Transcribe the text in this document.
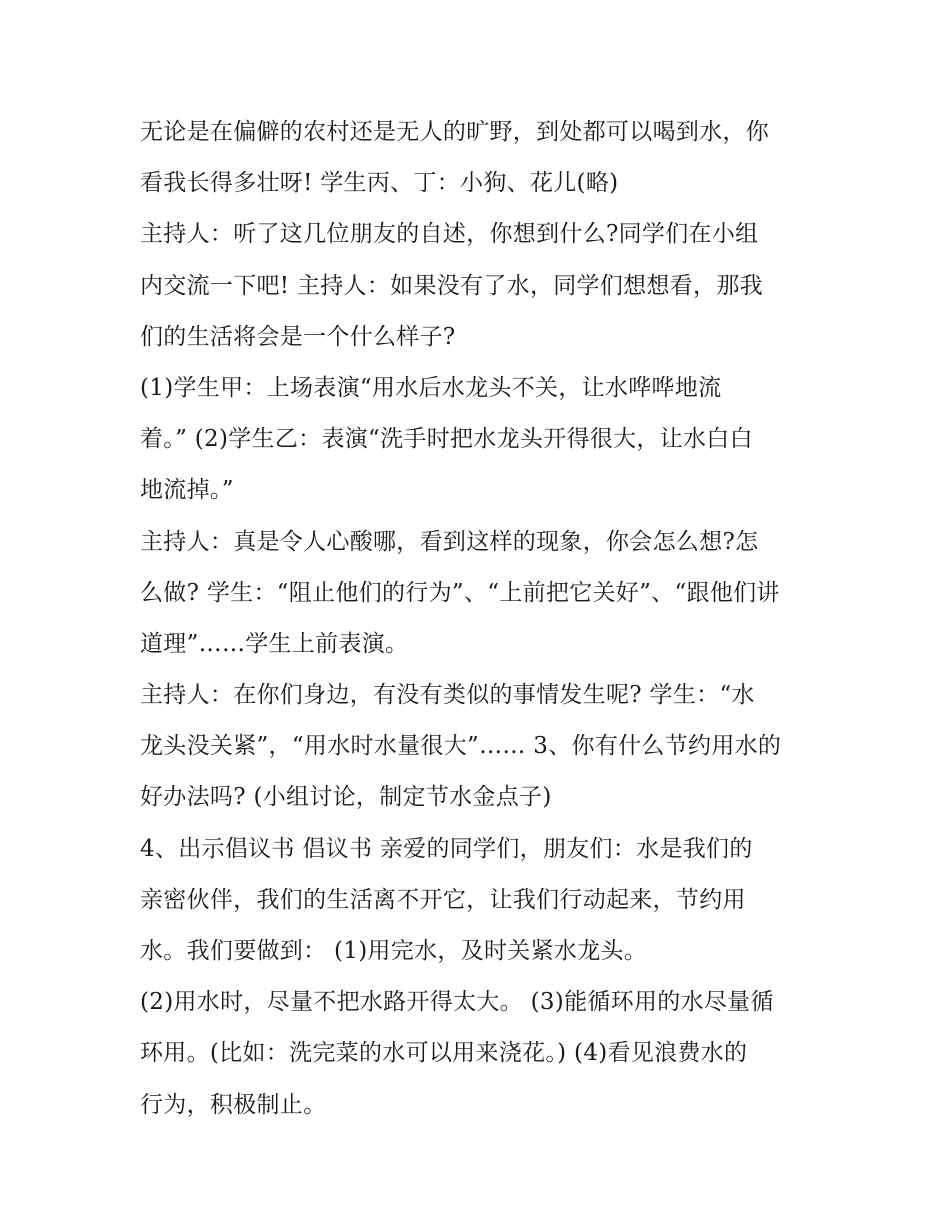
无论是在偏僻的农村还是无人的旷野，到处都可以喝到水，你
看我长得多壮呀! 学生丙、丁：小狗、花儿(略)
主持人：听了这几位朋友的自述，你想到什么?同学们在小组
内交流一下吧! 主持人：如果没有了水，同学们想想看，那我
们的生活将会是一个什么样子?
(1)学生甲：上场表演“用水后水龙头不关，让水哗哗地流
着。” (2)学生乙：表演“洗手时把水龙头开得很大，让水白白
地流掉。”
主持人：真是令人心酸哪，看到这样的现象，你会怎么想?怎
么做? 学生：“阻止他们的行为”、“上前把它关好”、“跟他们讲
道理”……学生上前表演。
主持人：在你们身边，有没有类似的事情发生呢? 学生：“水
龙头没关紧”，“用水时水量很大”…… 3、你有什么节约用水的
好办法吗? (小组讨论，制定节水金点子)
4、出示倡议书 倡议书 亲爱的同学们，朋友们：水是我们的
亲密伙伴，我们的生活离不开它，让我们行动起来，节约用
水。我们要做到： (1)用完水，及时关紧水龙头。
(2)用水时，尽量不把水路开得太大。 (3)能循环用的水尽量循
环用。(比如：洗完菜的水可以用来浇花。) (4)看见浪费水的
行为，积极制止。
